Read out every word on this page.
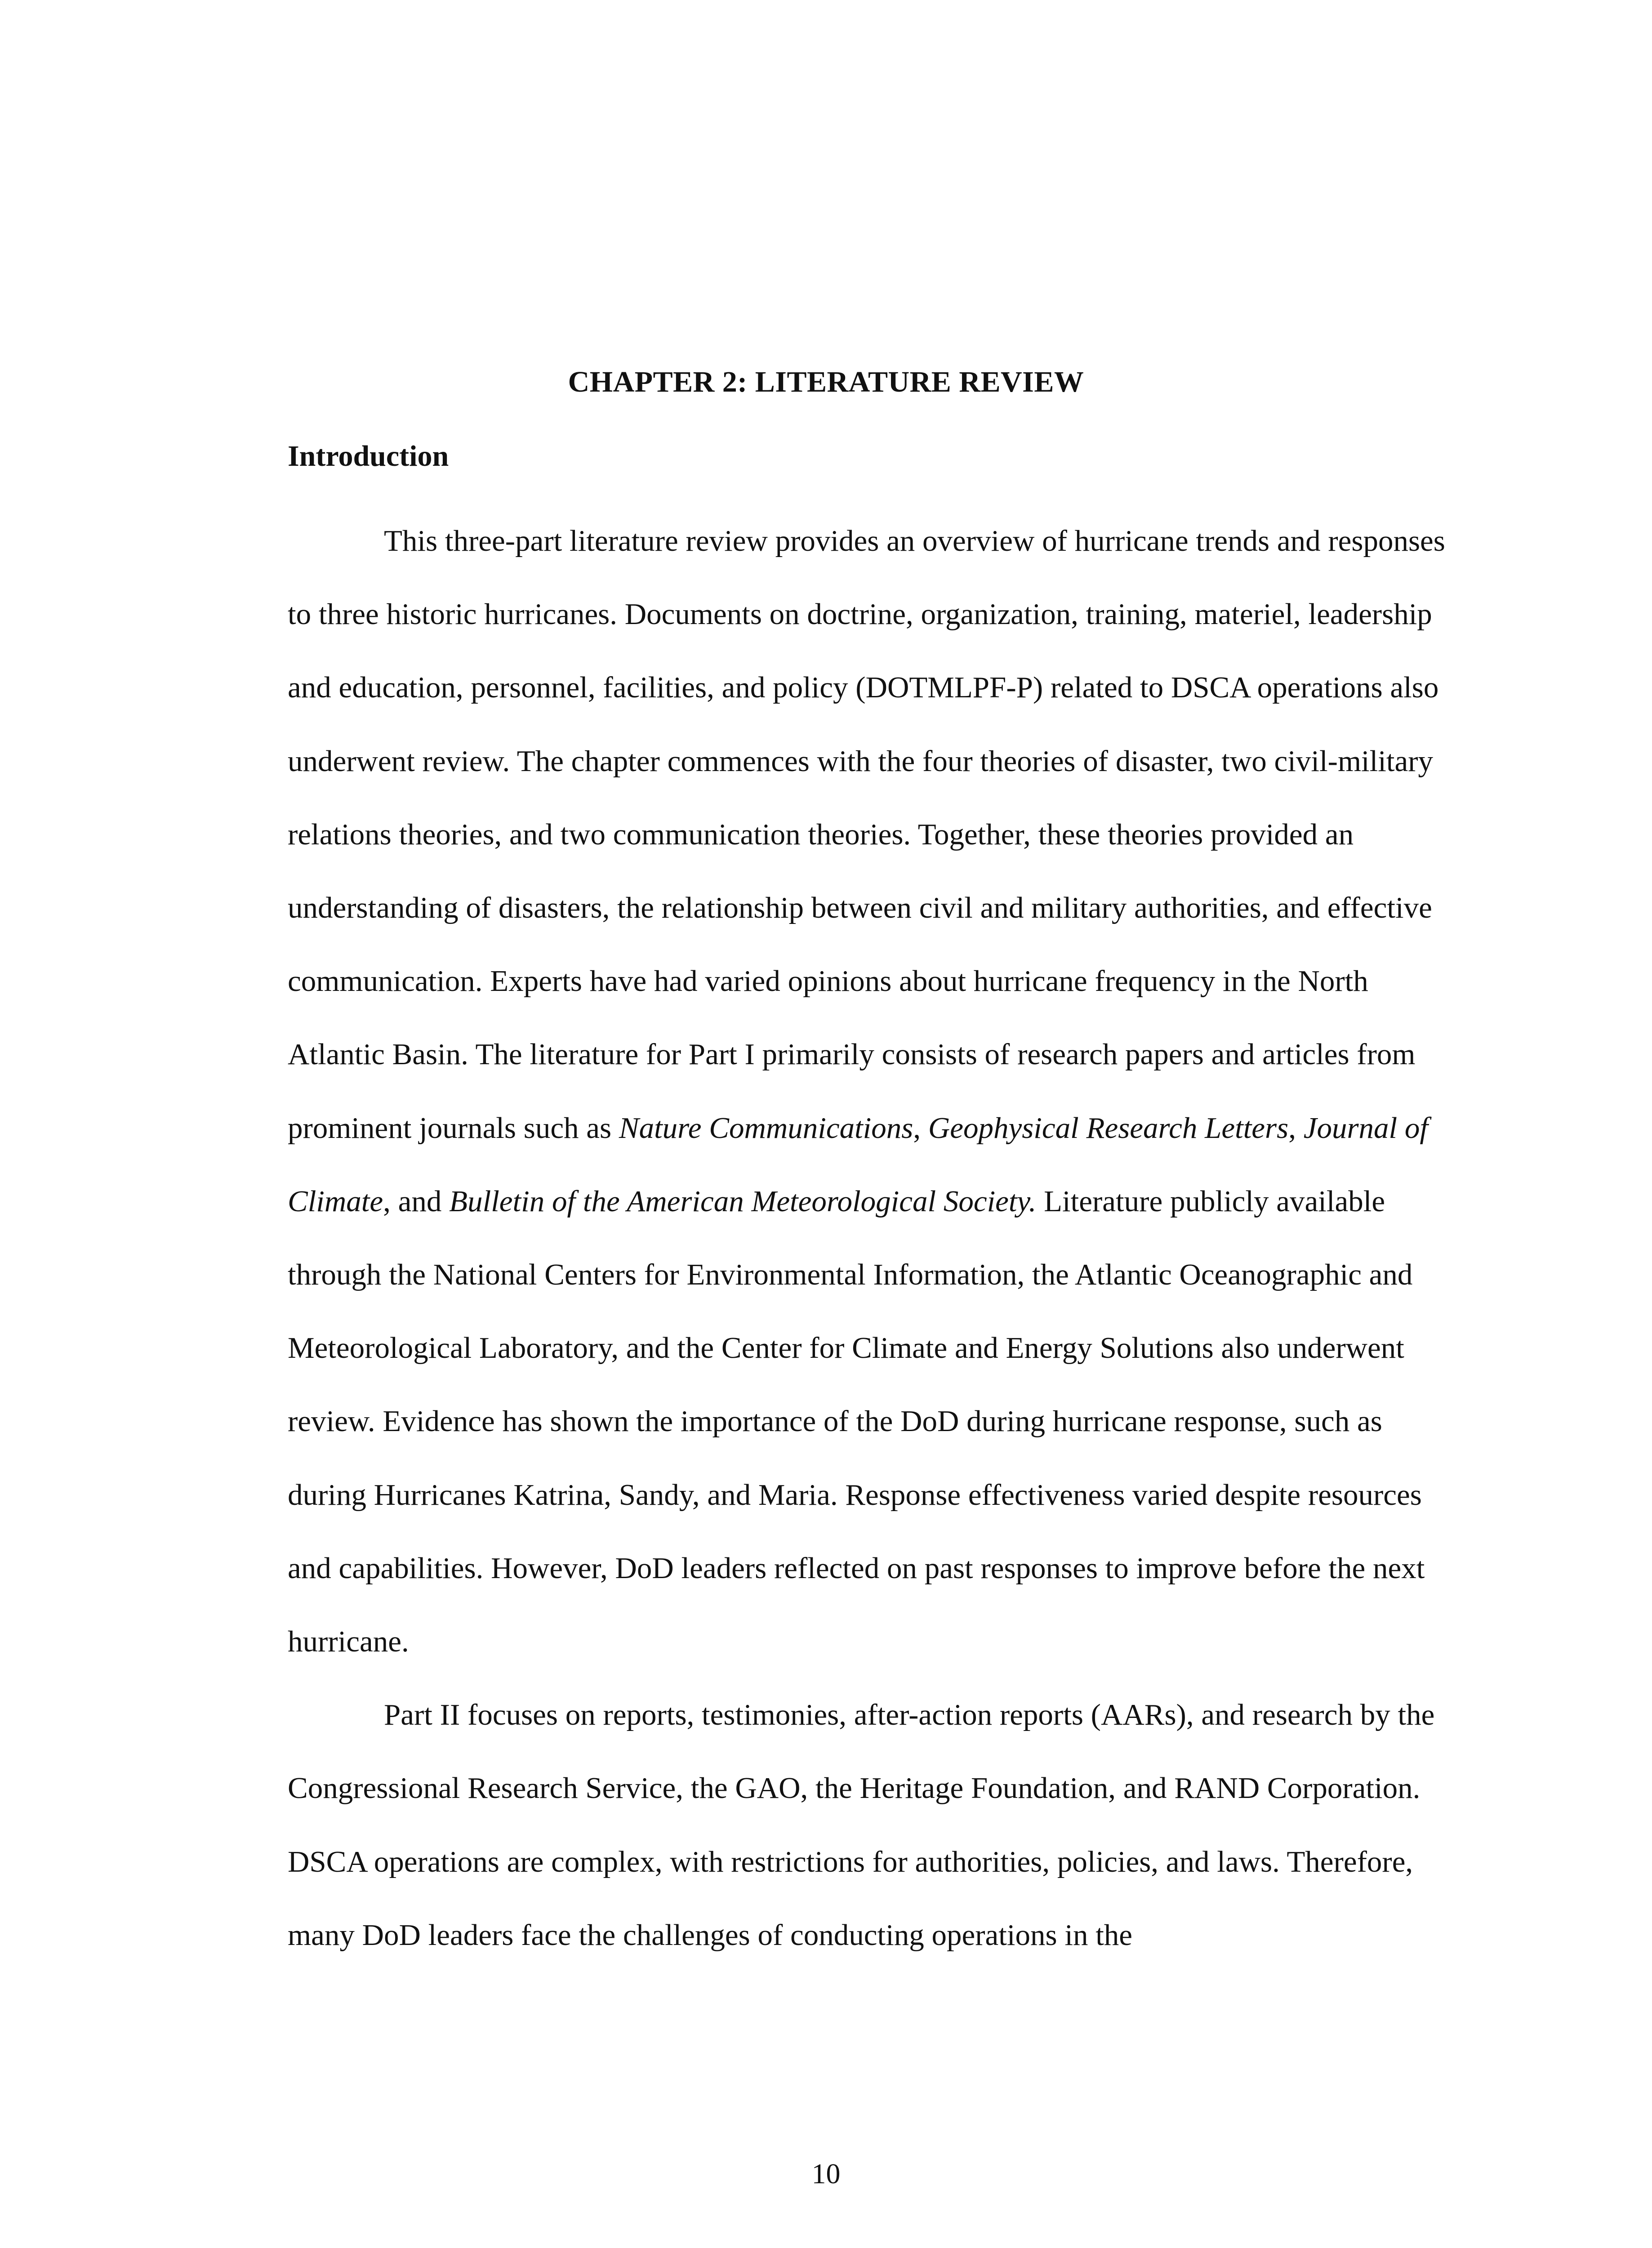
CHAPTER 2: LITERATURE REVIEW
Introduction

This three-part literature review provides an overview of hurricane trends and responses to three historic hurricanes. Documents on doctrine, organization, training, materiel, leadership and education, personnel, facilities, and policy (DOTMLPF-P) related to DSCA operations also underwent review. The chapter commences with the four theories of disaster, two civil-military relations theories, and two communication theories. Together, these theories provided an understanding of disasters, the relationship between civil and military authorities, and effective communication. Experts have had varied opinions about hurricane frequency in the North Atlantic Basin. The literature for Part I primarily consists of research papers and articles from prominent journals such as Nature Communications, Geophysical Research Letters, Journal of Climate, and Bulletin of the American Meteorological Society. Literature publicly available through the National Centers for Environmental Information, the Atlantic Oceanographic and Meteorological Laboratory, and the Center for Climate and Energy Solutions also underwent review. Evidence has shown the importance of the DoD during hurricane response, such as during Hurricanes Katrina, Sandy, and Maria. Response effectiveness varied despite resources and capabilities. However, DoD leaders reflected on past responses to improve before the next hurricane.

Part II focuses on reports, testimonies, after-action reports (AARs), and research by the Congressional Research Service, the GAO, the Heritage Foundation, and RAND Corporation. DSCA operations are complex, with restrictions for authorities, policies, and laws. Therefore, many DoD leaders face the challenges of conducting operations in the

10
